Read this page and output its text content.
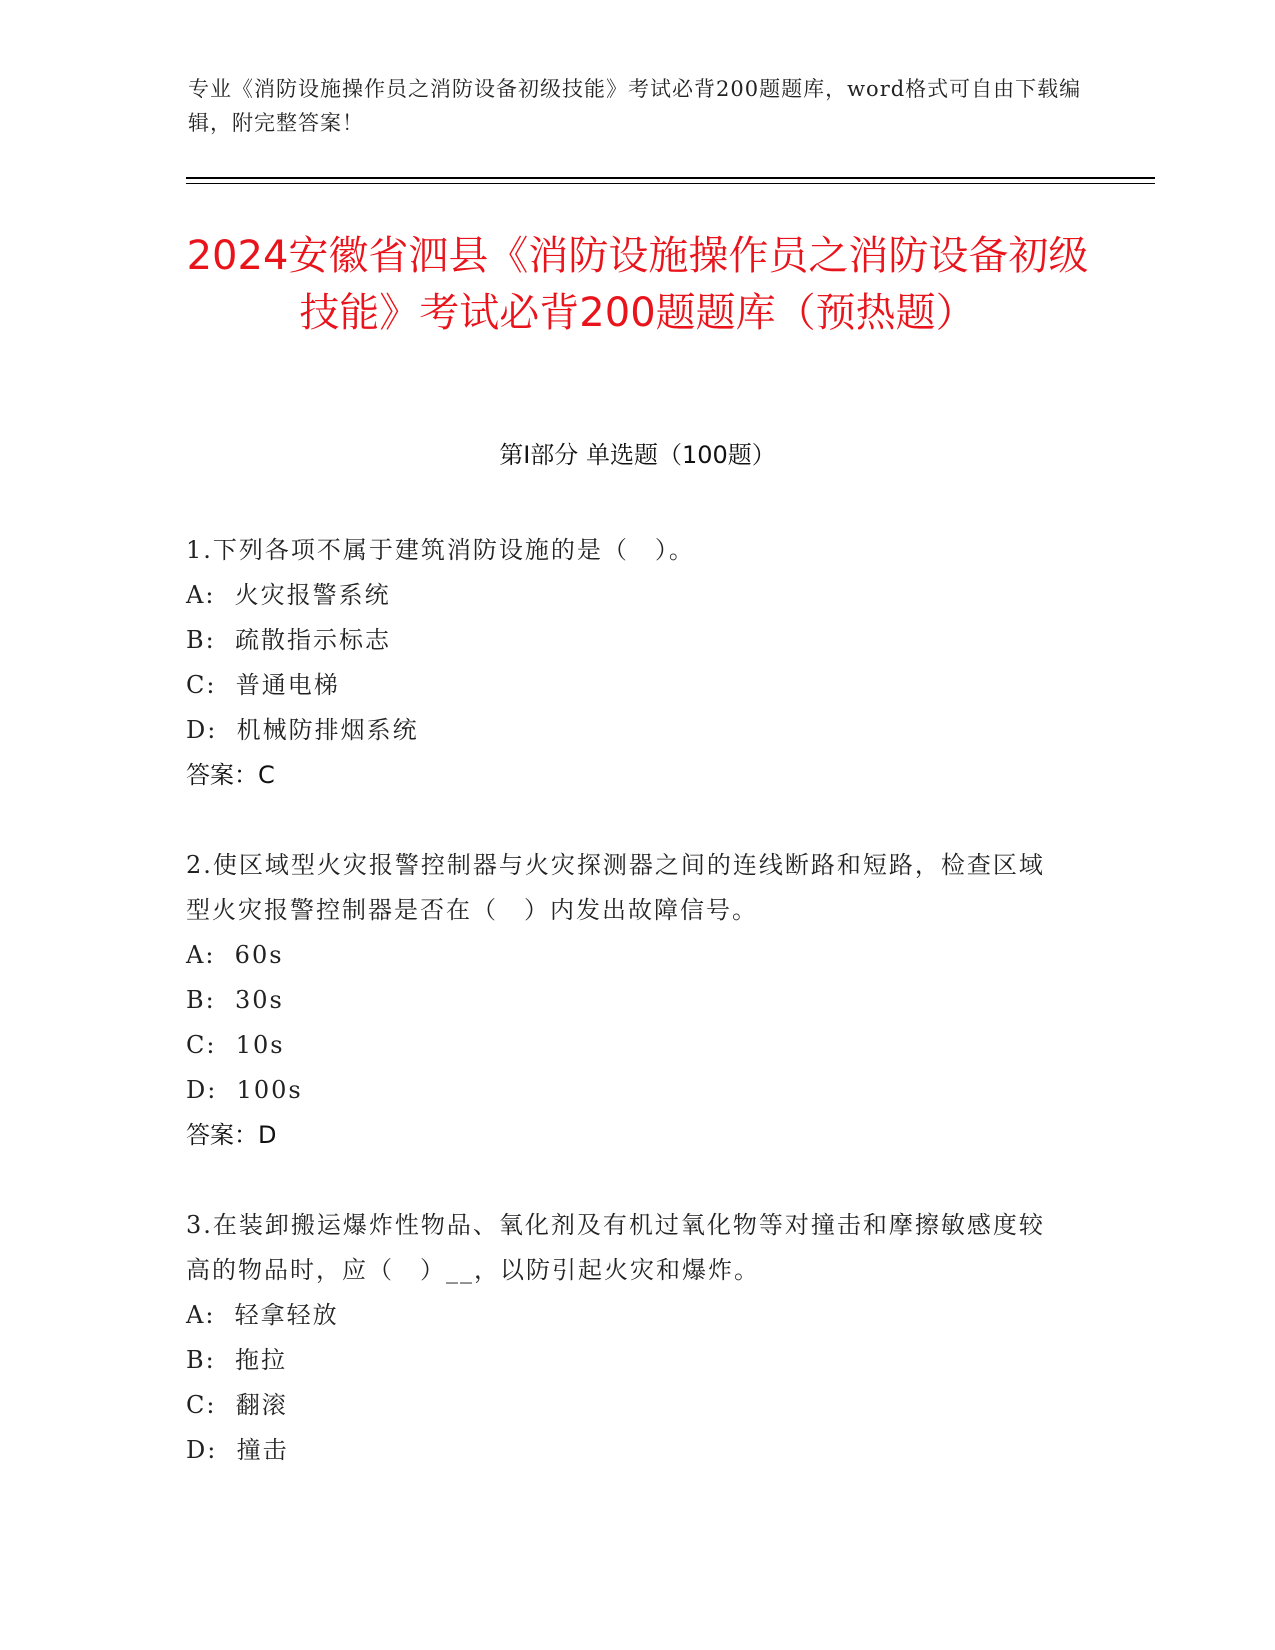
专业《消防设施操作员之消防设备初级技能》考试必背200题题库，word格式可自由下载编辑，附完整答案！
2024安徽省泗县《消防设施操作员之消防设备初级技能》考试必背200题题库（预热题）
第I部分 单选题（100题）
1.下列各项不属于建筑消防设施的是（　）。
A:  火灾报警系统
B:  疏散指示标志
C:  普通电梯
D:  机械防排烟系统
答案：C
2.使区域型火灾报警控制器与火灾探测器之间的连线断路和短路，检查区域型火灾报警控制器是否在（　）内发出故障信号。
A:  60s
B:  30s
C:  10s
D:  100s
答案：D
3.在装卸搬运爆炸性物品、氧化剂及有机过氧化物等对撞击和摩擦敏感度较高的物品时，应（　）__，以防引起火灾和爆炸。
A:  轻拿轻放
B:  拖拉
C:  翻滚
D:  撞击
